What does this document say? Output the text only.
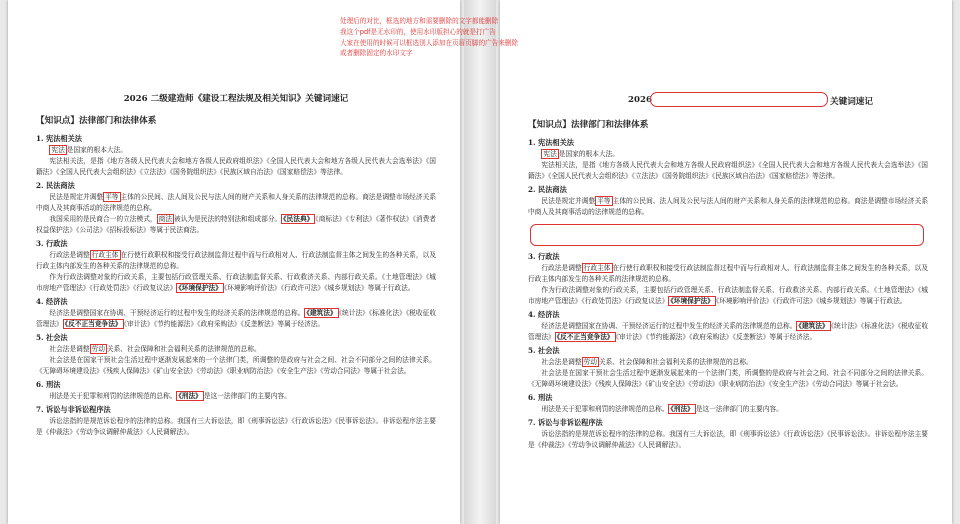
2026 二级建造师《建设工程法规及相关知识》关键词速记
【知识点】法律部门和法律体系
1. 宪法相关法

宪法 是国家的根本大法。

宪法相关法，是指《地方各级人民代表大会和地方各级人民政府组织法》《全国人民代表大会和地方各级人民代表大会选举法》《国籍法》《全国人民代表大会组织法》《立法法》《国务院组织法》《民族区域自治法》《国家赔偿法》等法律。

2. 民法商法

民法是规定并调整 平等 主体的公民间、法人间及公民与法人间的财产关系和人身关系的法律规范的总称。商法是调整市场经济关系中商人及其商事活动的法律规范的总称。

我国采用的是民商合一的立法模式， 商法 被认为是民法的特别法和组成部分。 《民法典》 《商标法》《专利法》《著作权法》《消费者权益保护法》《公司法》《招标投标法》等属于民法商法。

3. 行政法

行政法是调整 行政主体 在行使行政职权和接受行政法制监督过程中而与行政相对人、行政法制监督主体之间发生的各种关系，以及行政主体内部发生的各种关系的法律规范的总称。

作为行政法调整对象的行政关系，主要包括行政管理关系、行政法制监督关系、行政救济关系、内部行政关系。《土地管理法》《城市房地产管理法》《行政处罚法》《行政复议法》 《环境保护法》 《环境影响评价法》《行政许可法》《城乡规划法》等属于行政法。

4. 经济法

经济法是调整国家在协调、干预经济运行的过程中发生的经济关系的法律规范的总称。 《建筑法》 《统计法》《标准化法》《税收征收管理法》 《反不正当竞争法》 《审计法》《节约能源法》《政府采购法》《反垄断法》等属于经济法。

5. 社会法

社会法是调整 劳动 关系、社会保障和社会福利关系的法律规范的总称。

社会法是在国家干预社会生活过程中逐渐发展起来的一个法律门类，所调整的是政府与社会之间、社会不同部分之间的法律关系。《无障碍环境建设法》《残疾人保障法》《矿山安全法》《劳动法》《职业病防治法》《安全生产法》《劳动合同法》等属于社会法。

6. 刑法

刑法是关于犯罪和刑罚的法律规范的总称。 《刑法》 是这一法律部门的主要内容。

7. 诉讼与非诉讼程序法

诉讼法指的是规范诉讼程序的法律的总称。我国有三大诉讼法，即《刑事诉讼法》《行政诉讼法》《民事诉讼法》。非诉讼程序法主要是《仲裁法》《劳动争议调解仲裁法》《人民调解法》。

2026	关键词速记
【知识点】法律部门和法律体系
1. 宪法相关法

宪法 是国家的根本大法。

宪法相关法，是指《地方各级人民代表大会和地方各级人民政府组织法》《全国人民代表大会和地方各级人民代表大会选举法》《国籍法》《全国人民代表大会组织法》《立法法》《国务院组织法》《民族区域自治法》《国家赔偿法》等法律。

2. 民法商法

民法是规定并调整 平等 主体的公民间、法人间及公民与法人间的财产关系和人身关系的法律规范的总称。商法是调整市场经济关系中商人及其商事活动的法律规范的总称。

3. 行政法

行政法是调整 行政主体 在行使行政职权和接受行政法制监督过程中而与行政相对人、行政法制监督主体之间发生的各种关系，以及行政主体内部发生的各种关系的法律规范的总称。

作为行政法调整对象的行政关系，主要包括行政管理关系、行政法制监督关系、行政救济关系、内部行政关系。《土地管理法》《城市房地产管理法》《行政处罚法》《行政复议法》 《环境保护法》 《环境影响评价法》《行政许可法》《城乡规划法》等属于行政法。

4. 经济法

经济法是调整国家在协调、干预经济运行的过程中发生的经济关系的法律规范的总称。 《建筑法》 《统计法》《标准化法》《税收征收管理法》 《反不正当竞争法》 《审计法》《节约能源法》《政府采购法》《反垄断法》等属于经济法。

5. 社会法

社会法是调整 劳动 关系、社会保障和社会福利关系的法律规范的总称。

社会法是在国家干预社会生活过程中逐渐发展起来的一个法律门类，所调整的是政府与社会之间、社会不同部分之间的法律关系。《无障碍环境建设法》《残疾人保障法》《矿山安全法》《劳动法》《职业病防治法》《安全生产法》《劳动合同法》等属于社会法。

6. 刑法

刑法是关于犯罪和刑罚的法律规范的总称。 《刑法》 是这一法律部门的主要内容。

7. 诉讼与非诉讼程序法

诉讼法指的是规范诉讼程序的法律的总称。我国有三大诉讼法，即《刑事诉讼法》《行政诉讼法》《民事诉讼法》。非诉讼程序法主要是《仲裁法》《劳动争议调解仲裁法》《人民调解法》。

处理后的对比，框选的地方和需要删除的文字都能删除
我这个pdf是无水印的，使用水印版担心的就是打广告
大家在使用的时候可以框选别人添加在页眉页脚的广告来删除
或者删除固定的水印文字
